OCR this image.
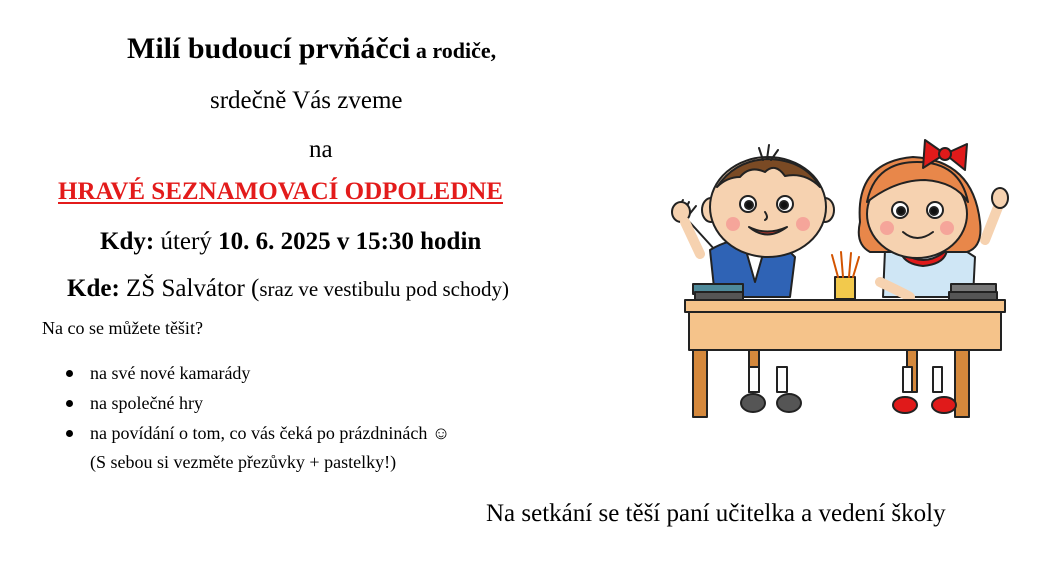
Milí budoucí prvňáčci a rodiče,
srdečně Vás zveme
na
HRAVÉ SEZNAMOVACÍ ODPOLEDNE
Kdy: úterý 10. 6. 2025 v 15:30 hodin
Kde: ZŠ Salvátor (sraz ve vestibulu pod schody)
Na co se můžete těšit?
na své nové kamarády
na společné hry
na povídání o tom, co vás čeká po prázdninách ☺
(S sebou si vezměte přezůvky + pastelky!)
Na setkání se těší paní učitelka a vedení školy
